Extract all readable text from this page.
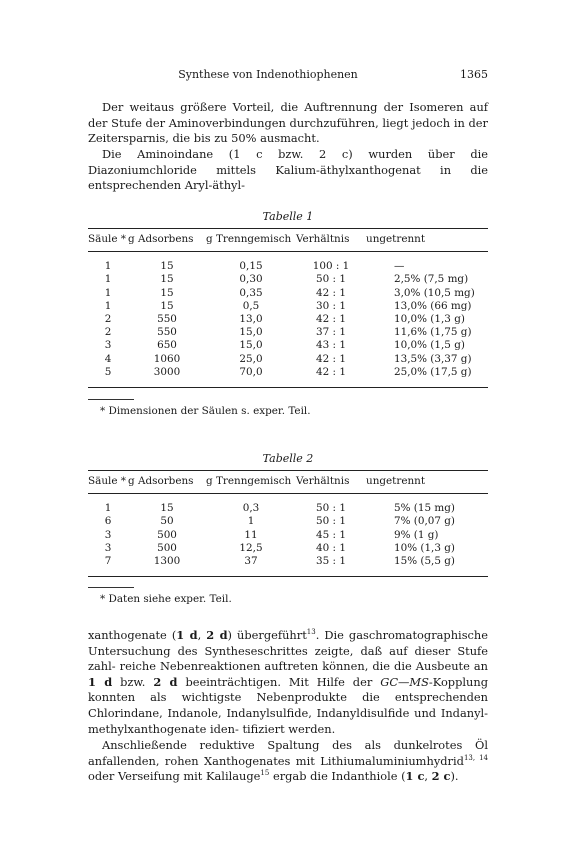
Synthese von Indenothiophenen	1365

Der weitaus größere Vorteil, die Auftrennung der Isomeren auf der Stufe der Aminoverbindungen durchzuführen, liegt jedoch in der Zeitersparnis, die bis zu 50% ausmacht.

Die Aminoindane (1 c bzw. 2 c) wurden über die Diazoniumchloride mittels Kalium-äthylxanthogenat in die entsprechenden Aryl-äthyl-

Tabelle 1
Säule *	g Adsorbens	g Trenngemisch	Verhältnis	ungetrennt
1	15	0,15	100 : 1	—
1	15	0,30	50 : 1	2,5% (7,5 mg)
1	15	0,35	42 : 1	3,0% (10,5 mg)
1	15	0,5	30 : 1	13,0% (66 mg)
2	550	13,0	42 : 1	10,0% (1,3 g)
2	550	15,0	37 : 1	11,6% (1,75 g)
3	650	15,0	43 : 1	10,0% (1,5 g)
4	1060	25,0	42 : 1	13,5% (3,37 g)
5	3000	70,0	42 : 1	25,0% (17,5 g)
* Dimensionen der Säulen s. exper. Teil.
Tabelle 2
Säule *	g Adsorbens	g Trenngemisch	Verhältnis	ungetrennt
1	15	0,3	50 : 1	5% (15 mg)
6	50	1	50 : 1	7% (0,07 g)
3	500	11	45 : 1	9% (1 g)
3	500	12,5	40 : 1	10% (1,3 g)
7	1300	37	35 : 1	15% (5,5 g)
* Daten siehe exper. Teil.

xanthogenate (1 d, 2 d) übergeführt$^{13}$. Die gaschromatographische Untersuchung des Syntheseschrittes zeigte, daß auf dieser Stufe zahl- reiche Nebenreaktionen auftreten können, die die Ausbeute an 1 d bzw. 2 d beeinträchtigen. Mit Hilfe der GC—MS-Kopplung konnten als wichtigste Nebenprodukte die entsprechenden Chlorindane, Indanole, Indanylsulfide, Indanyldisulfide und Indanyl-methylxanthogenate iden- tifiziert werden.

Anschließende reduktive Spaltung des als dunkelrotes Öl anfallenden, rohen Xanthogenates mit Lithiumaluminiumhydrid$^{13, 14}$ oder Verseifung mit Kalilauge$^{15}$ ergab die Indanthiole (1 c, 2 c).
